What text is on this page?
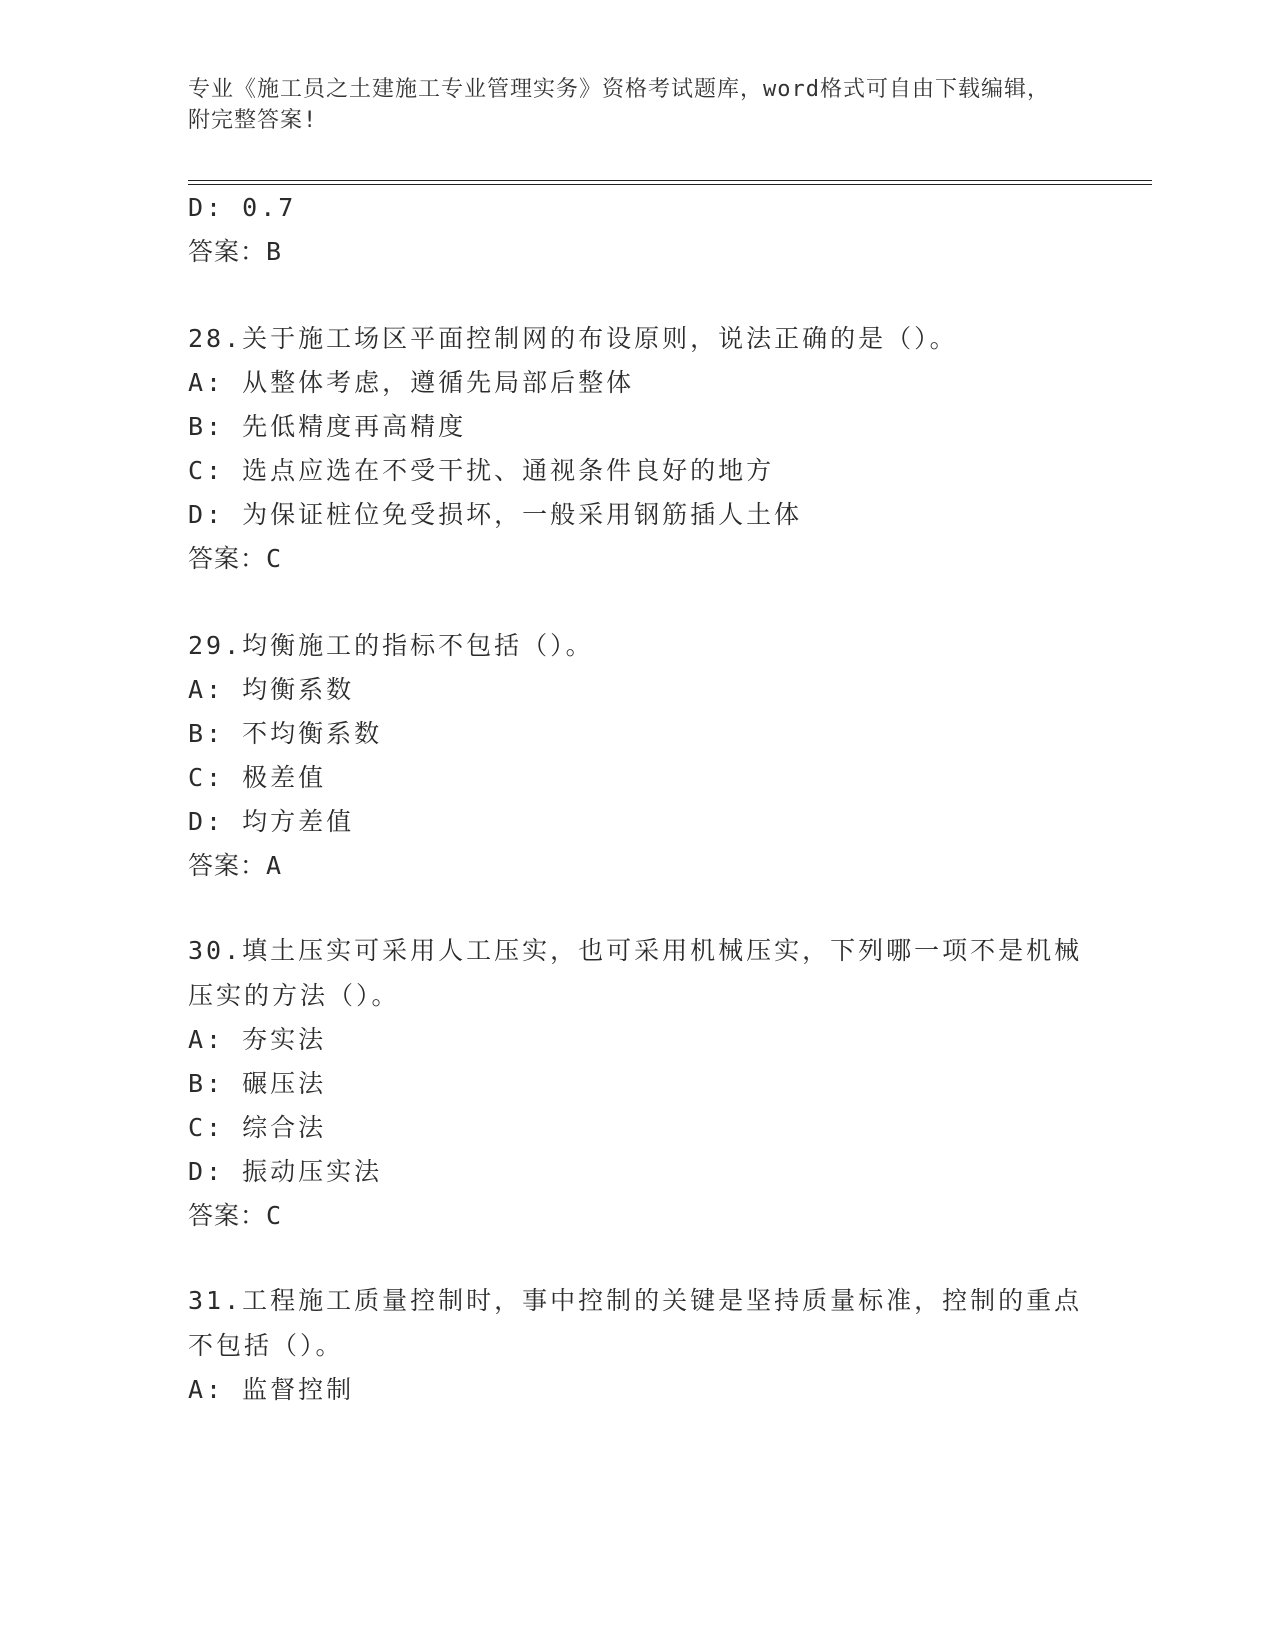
专业《施工员之土建施工专业管理实务》资格考试题库，word格式可自由下载编辑，附完整答案!
D: 0.7
答案：B
28.关于施工场区平面控制网的布设原则，说法正确的是（）。
A: 从整体考虑，遵循先局部后整体
B: 先低精度再高精度
C: 选点应选在不受干扰、通视条件良好的地方
D: 为保证桩位免受损坏，一般采用钢筋插人土体
答案：C
29.均衡施工的指标不包括（）。
A: 均衡系数
B: 不均衡系数
C: 极差值
D: 均方差值
答案：A
30.填土压实可采用人工压实，也可采用机械压实，下列哪一项不是机械压实的方法（）。
A: 夯实法
B: 碾压法
C: 综合法
D: 振动压实法
答案：C
31.工程施工质量控制时，事中控制的关键是坚持质量标准，控制的重点不包括（）。
A: 监督控制
